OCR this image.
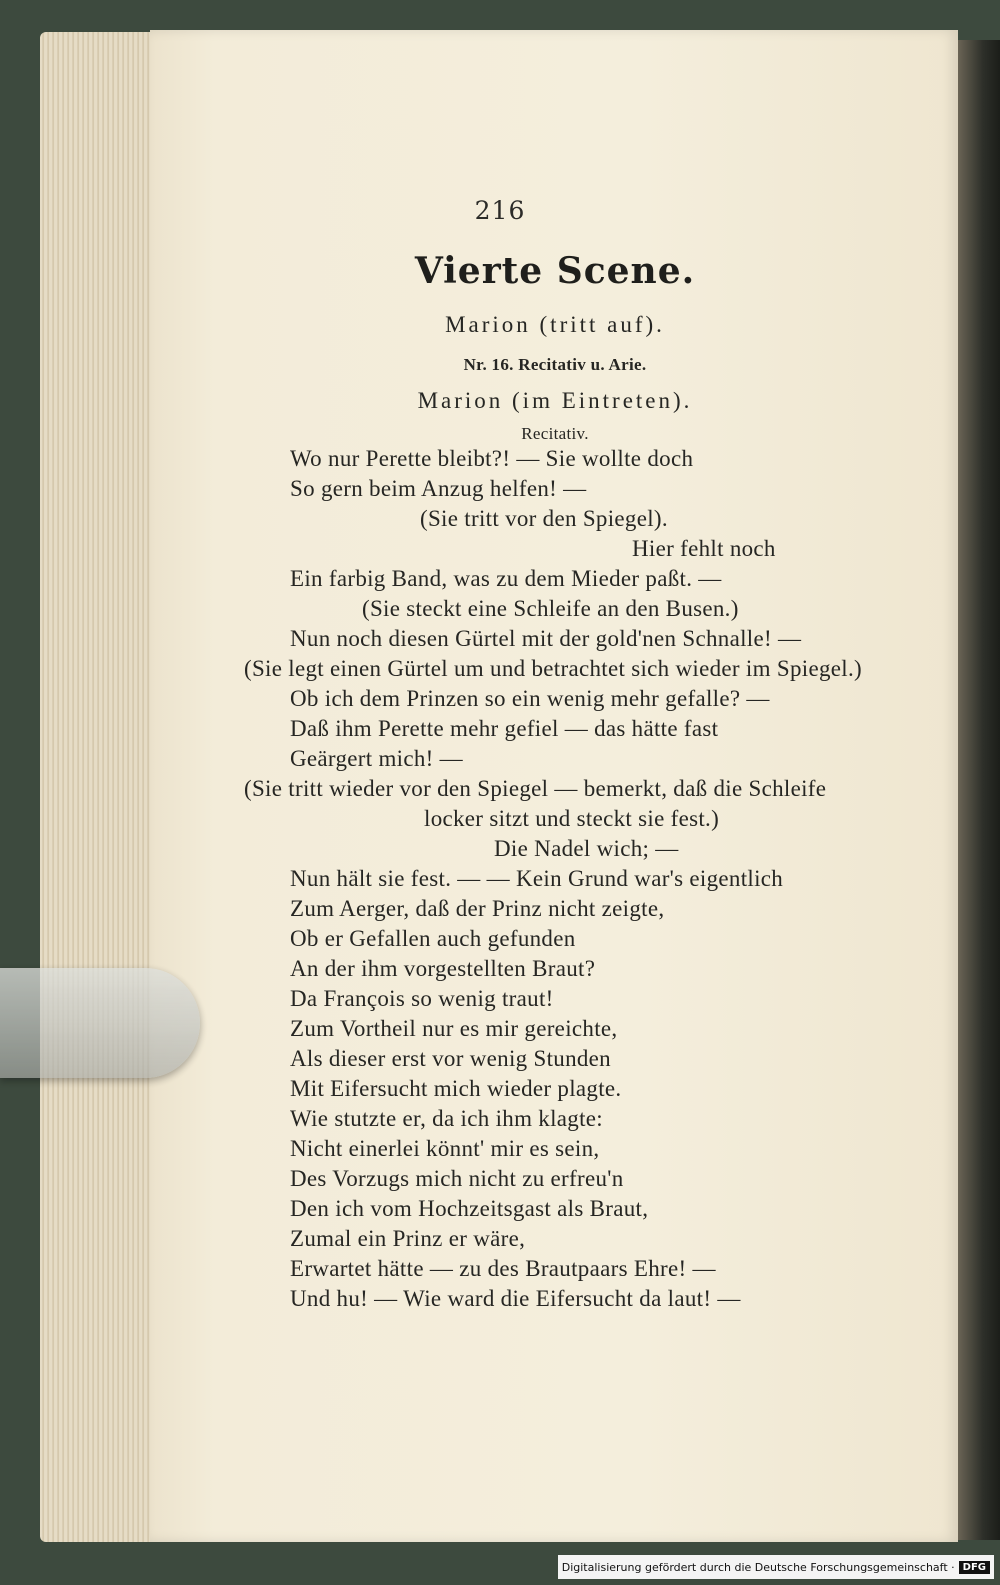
216
Vierte Scene.
Marion (tritt auf).
Nr. 16. Recitativ u. Arie.
Marion (im Eintreten).
Recitativ.
Wo nur Perette bleibt?! — Sie wollte doch
So gern beim Anzug helfen! —
(Sie tritt vor den Spiegel).
Hier fehlt noch
Ein farbig Band, was zu dem Mieder paßt. —
(Sie steckt eine Schleife an den Busen.)
Nun noch diesen Gürtel mit der gold'nen Schnalle! —
(Sie legt einen Gürtel um und betrachtet sich wieder im Spiegel.)
Ob ich dem Prinzen so ein wenig mehr gefalle? —
Daß ihm Perette mehr gefiel — das hätte fast
Geärgert mich! —
(Sie tritt wieder vor den Spiegel — bemerkt, daß die Schleife
locker sitzt und steckt sie fest.)
Die Nadel wich; —
Nun hält sie fest. — — Kein Grund war's eigentlich
Zum Aerger, daß der Prinz nicht zeigte,
Ob er Gefallen auch gefunden
An der ihm vorgestellten Braut?
Da François so wenig traut!
Zum Vortheil nur es mir gereichte,
Als dieser erst vor wenig Stunden
Mit Eifersucht mich wieder plagte.
Wie stutzte er, da ich ihm klagte:
Nicht einerlei könnt' mir es sein,
Des Vorzugs mich nicht zu erfreu'n
Den ich vom Hochzeitsgast als Braut,
Zumal ein Prinz er wäre,
Erwartet hätte — zu des Brautpaars Ehre! —
Und hu! — Wie ward die Eifersucht da laut! —
Digitalisierung gefördert durch die Deutsche Forschungsgemeinschaft · DFG
